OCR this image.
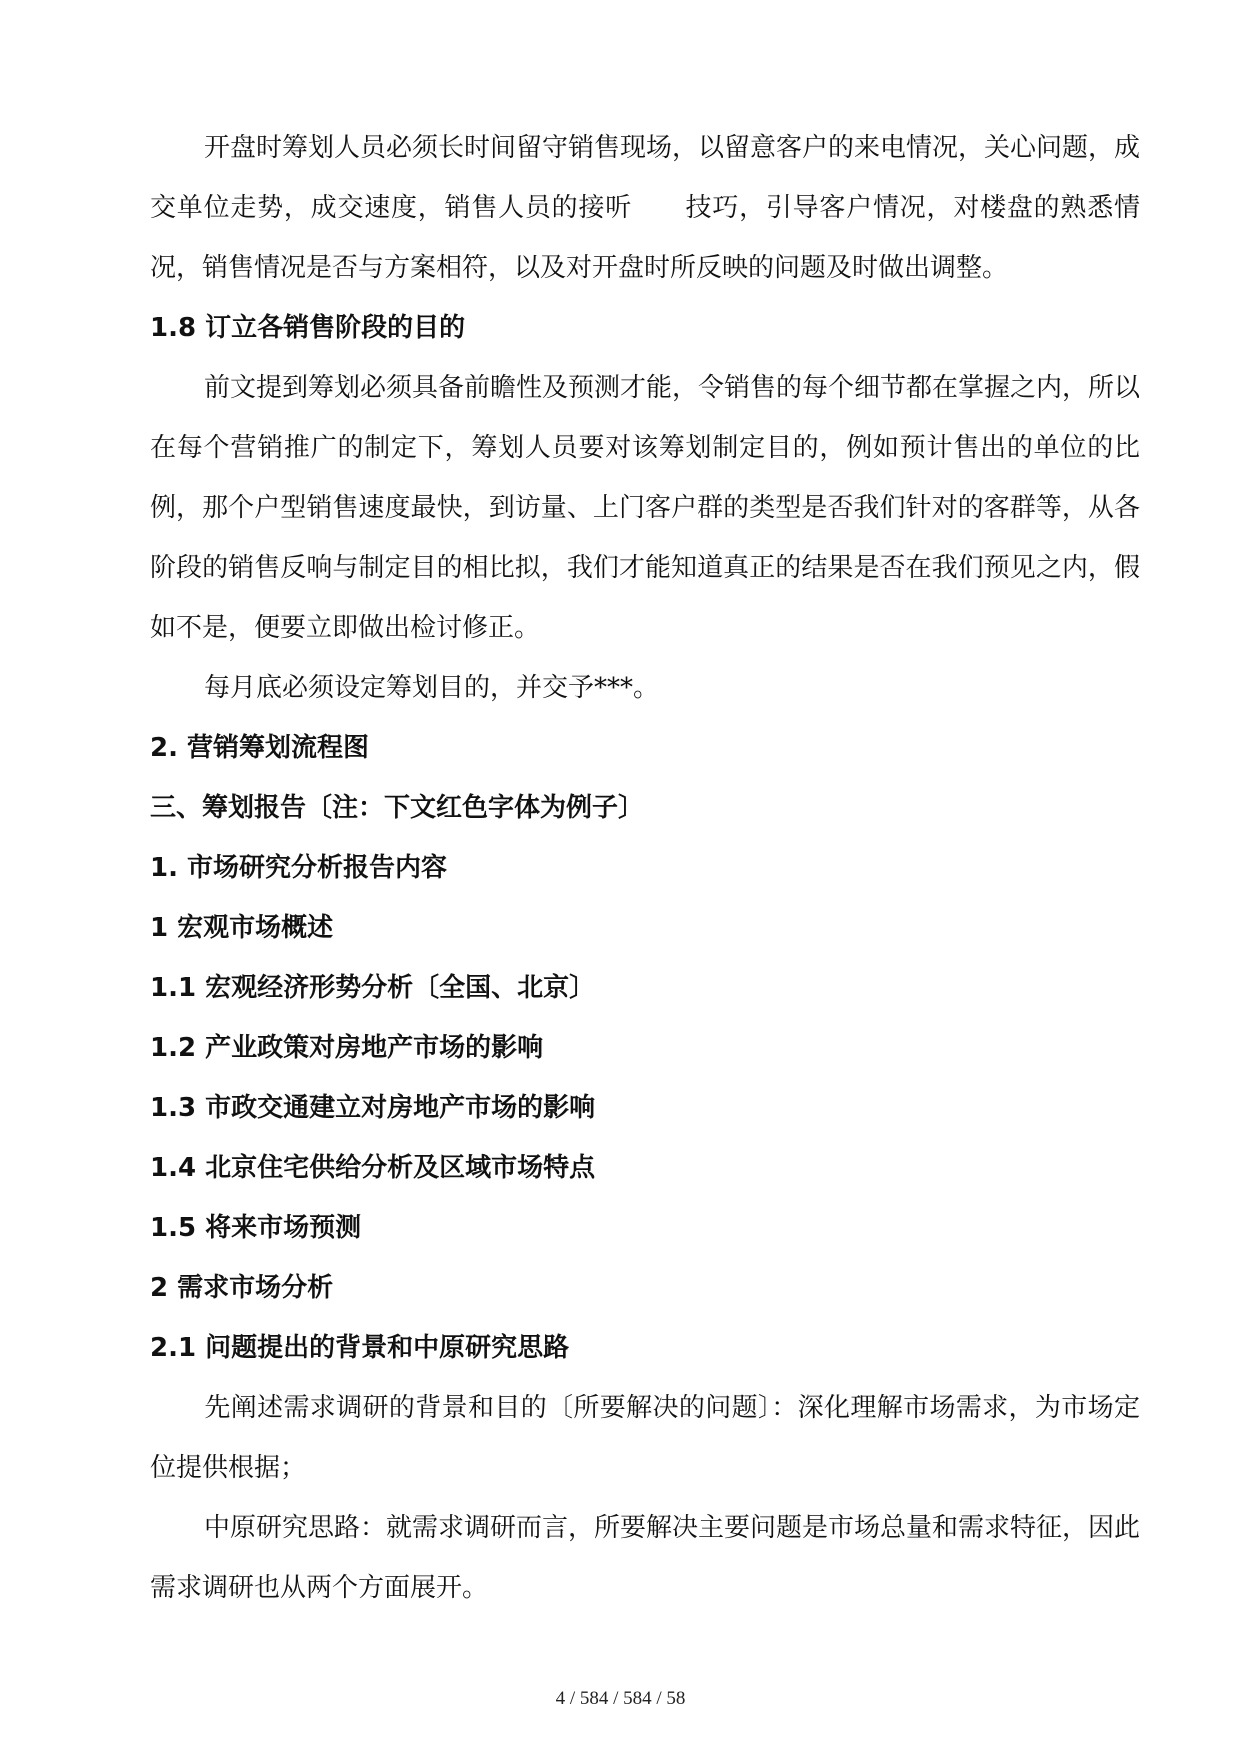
开盘时筹划人员必须长时间留守销售现场，以留意客户的来电情况，关心问题，成交单位走势，成交速度，销售人员的接听　　技巧，引导客户情况，对楼盘的熟悉情况，销售情况是否与方案相符，以及对开盘时所反映的问题及时做出调整。

1.8 订立各销售阶段的目的

前文提到筹划必须具备前瞻性及预测才能，令销售的每个细节都在掌握之内，所以在每个营销推广的制定下，筹划人员要对该筹划制定目的，例如预计售出的单位的比例，那个户型销售速度最快，到访量、上门客户群的类型是否我们针对的客群等，从各阶段的销售反响与制定目的相比拟，我们才能知道真正的结果是否在我们预见之内，假如不是，便要立即做出检讨修正。

每月底必须设定筹划目的，并交予***。

2. 营销筹划流程图

三、筹划报告〔注：下文红色字体为例子〕

1. 市场研究分析报告内容

1 宏观市场概述

1.1 宏观经济形势分析〔全国、北京〕

1.2 产业政策对房地产市场的影响

1.3 市政交通建立对房地产市场的影响

1.4 北京住宅供给分析及区域市场特点

1.5 将来市场预测

2 需求市场分析

2.1 问题提出的背景和中原研究思路

先阐述需求调研的背景和目的〔所要解决的问题〕：深化理解市场需求，为市场定位提供根据；

中原研究思路：就需求调研而言，所要解决主要问题是市场总量和需求特征，因此需求调研也从两个方面展开。

4 / 584 / 584 / 58
